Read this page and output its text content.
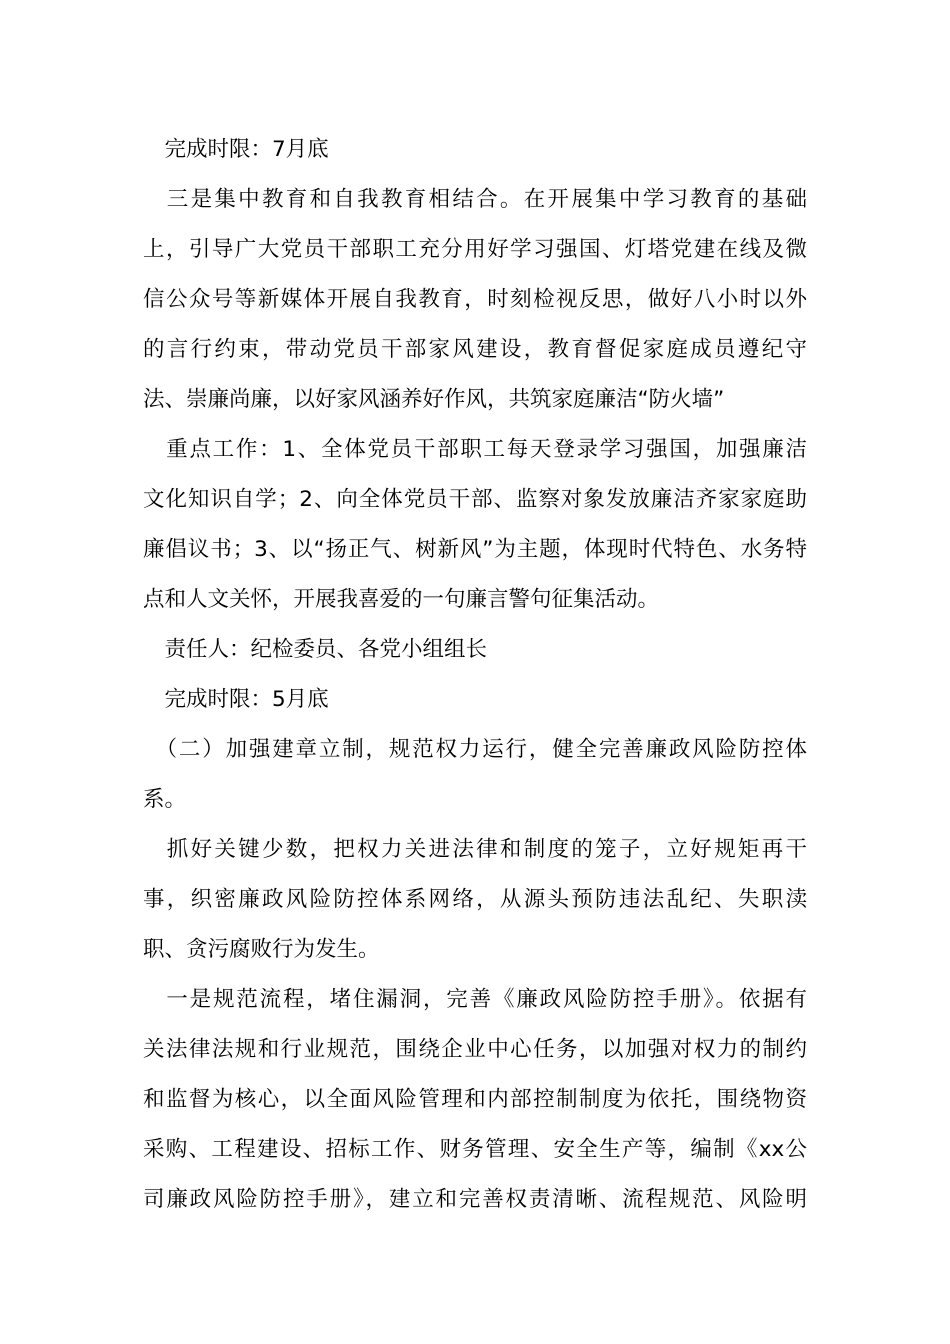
　完成时限：7月底
　三是集中教育和自我教育相结合。在开展集中学习教育的基础
上，引导广大党员干部职工充分用好学习强国、灯塔党建在线及微
信公众号等新媒体开展自我教育，时刻检视反思，做好八小时以外
的言行约束，带动党员干部家风建设，教育督促家庭成员遵纪守
法、崇廉尚廉，以好家风涵养好作风，共筑家庭廉洁“防火墙”
　重点工作：1、全体党员干部职工每天登录学习强国，加强廉洁
文化知识自学；2、向全体党员干部、监察对象发放廉洁齐家家庭助
廉倡议书；3、以“扬正气、树新风”为主题，体现时代特色、水务特
点和人文关怀，开展我喜爱的一句廉言警句征集活动。
　责任人：纪检委员、各党小组组长
　完成时限：5月底
　（二）加强建章立制，规范权力运行，健全完善廉政风险防控体
系。
　抓好关键少数，把权力关进法律和制度的笼子，立好规矩再干
事，织密廉政风险防控体系网络，从源头预防违法乱纪、失职渎
职、贪污腐败行为发生。
　一是规范流程，堵住漏洞，完善《廉政风险防控手册》。依据有
关法律法规和行业规范，围绕企业中心任务，以加强对权力的制约
和监督为核心，以全面风险管理和内部控制制度为依托，围绕物资
采购、工程建设、招标工作、财务管理、安全生产等，编制《xx公
司廉政风险防控手册》，建立和完善权责清晰、流程规范、风险明
